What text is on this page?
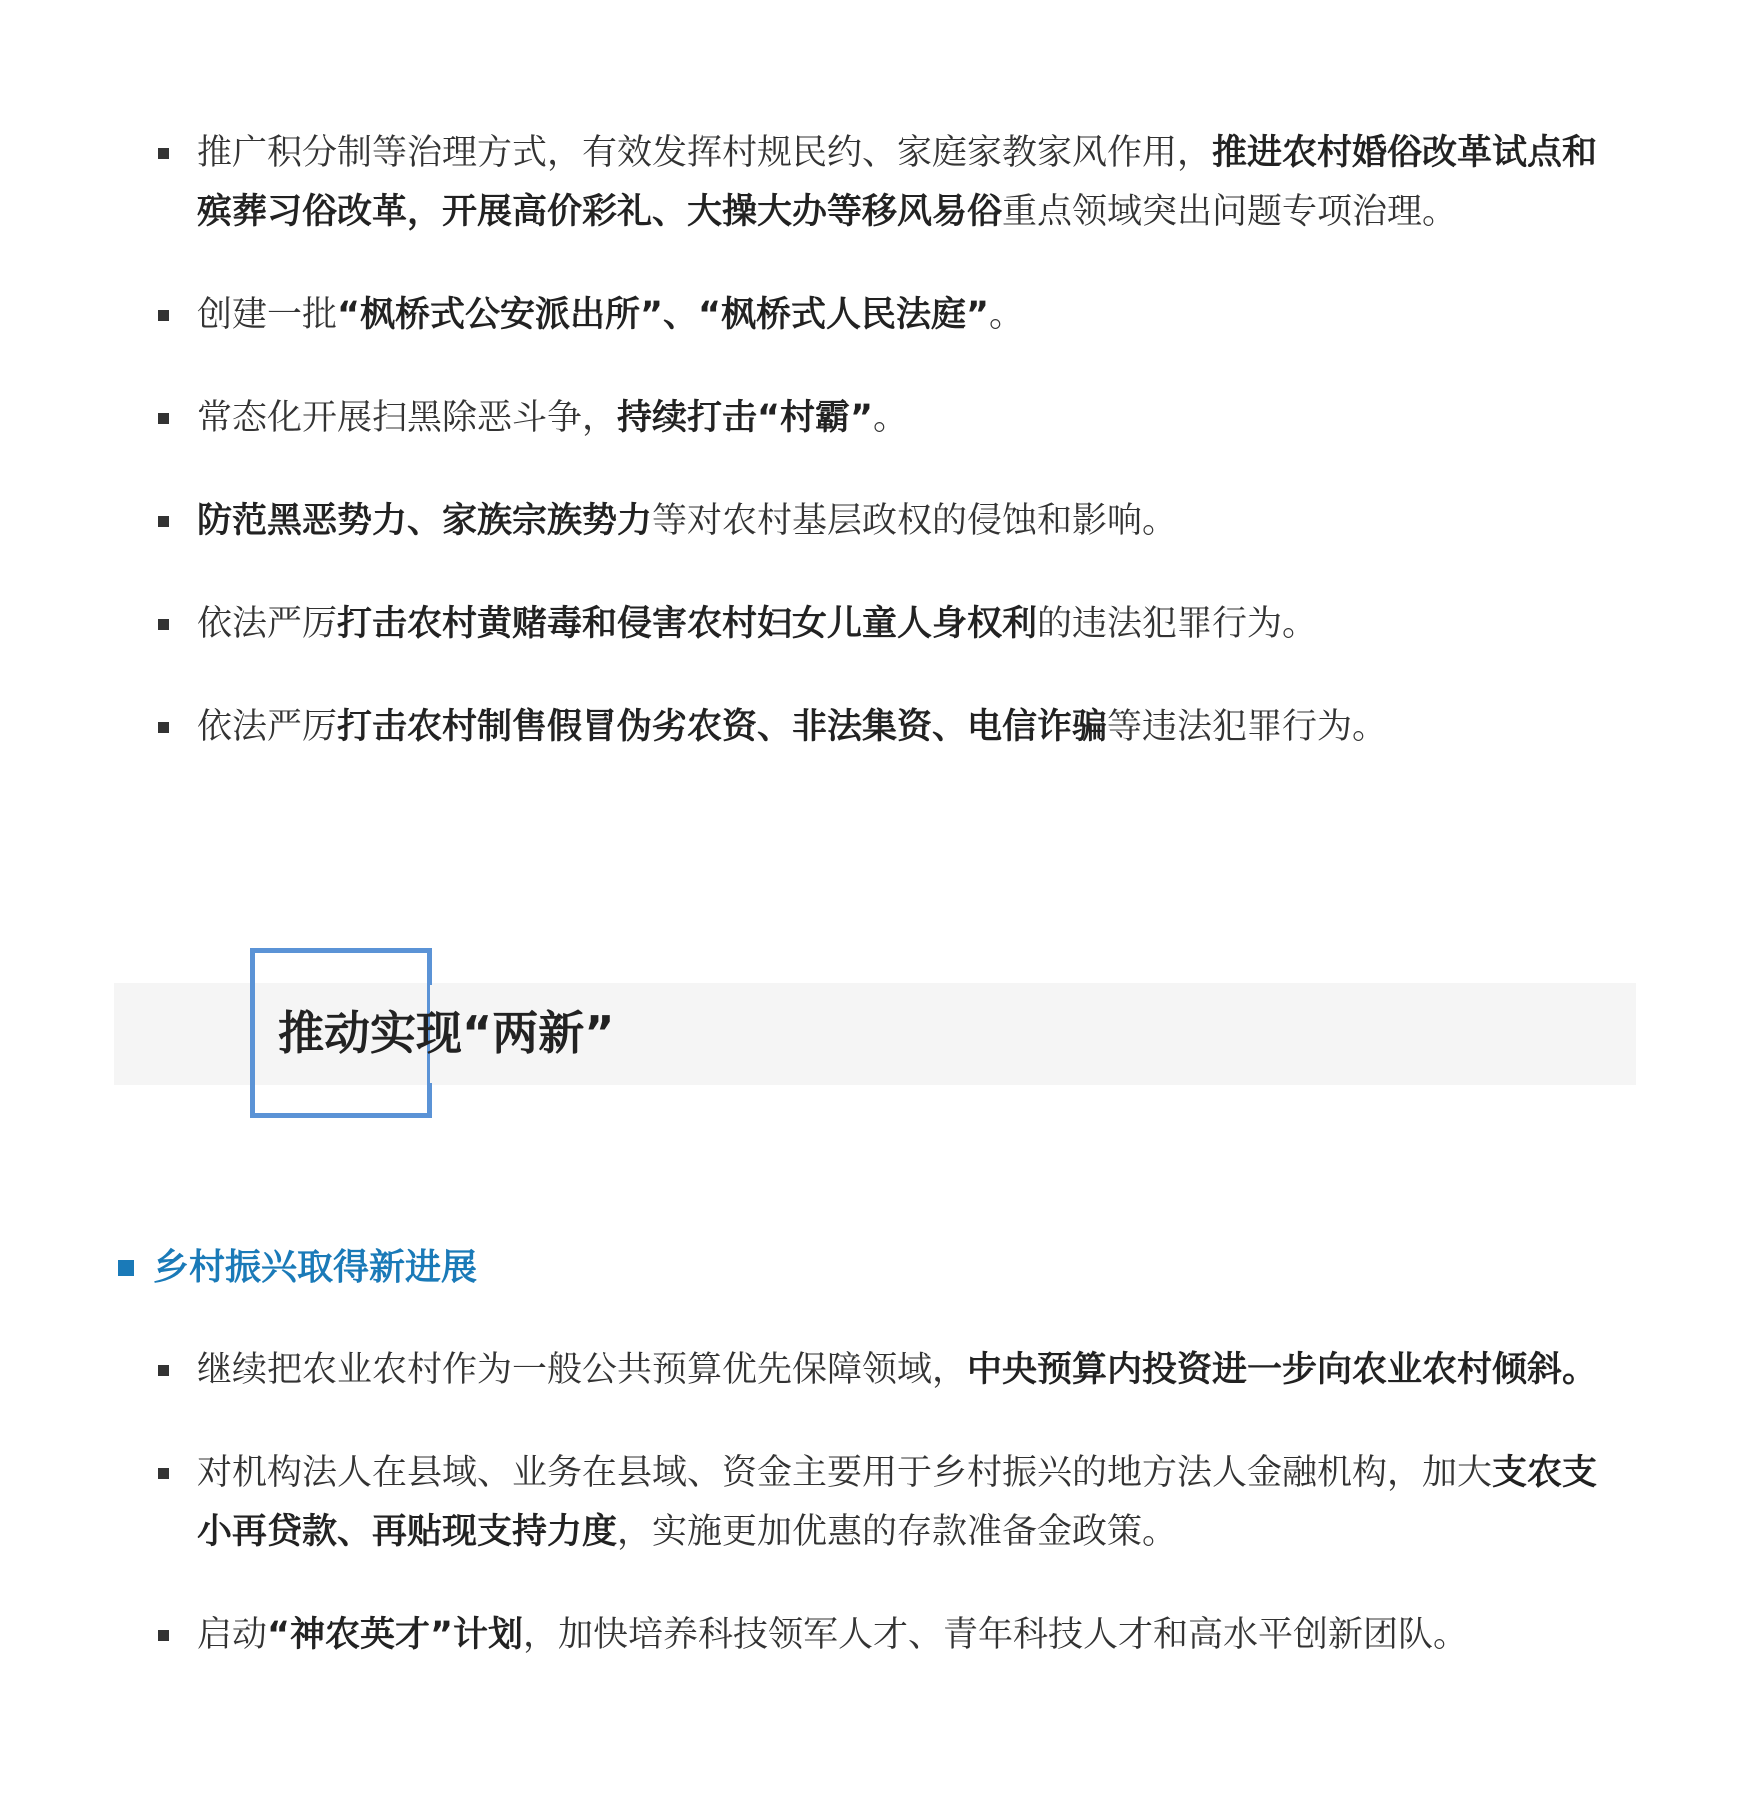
推广积分制等治理方式，有效发挥村规民约、家庭家教家风作用，推进农村婚俗改革试点和殡葬习俗改革，开展高价彩礼、大操大办等移风易俗重点领域突出问题专项治理。
创建一批“枫桥式公安派出所”、“枫桥式人民法庭”。
常态化开展扫黑除恶斗争，持续打击“村霸”。
防范黑恶势力、家族宗族势力等对农村基层政权的侵蚀和影响。
依法严厉打击农村黄赌毒和侵害农村妇女儿童人身权利的违法犯罪行为。
依法严厉打击农村制售假冒伪劣农资、非法集资、电信诈骗等违法犯罪行为。
推动实现“两新”
乡村振兴取得新进展
继续把农业农村作为一般公共预算优先保障领域，中央预算内投资进一步向农业农村倾斜。
对机构法人在县域、业务在县域、资金主要用于乡村振兴的地方法人金融机构，加大支农支小再贷款、再贴现支持力度，实施更加优惠的存款准备金政策。
启动“神农英才”计划，加快培养科技领军人才、青年科技人才和高水平创新团队。
